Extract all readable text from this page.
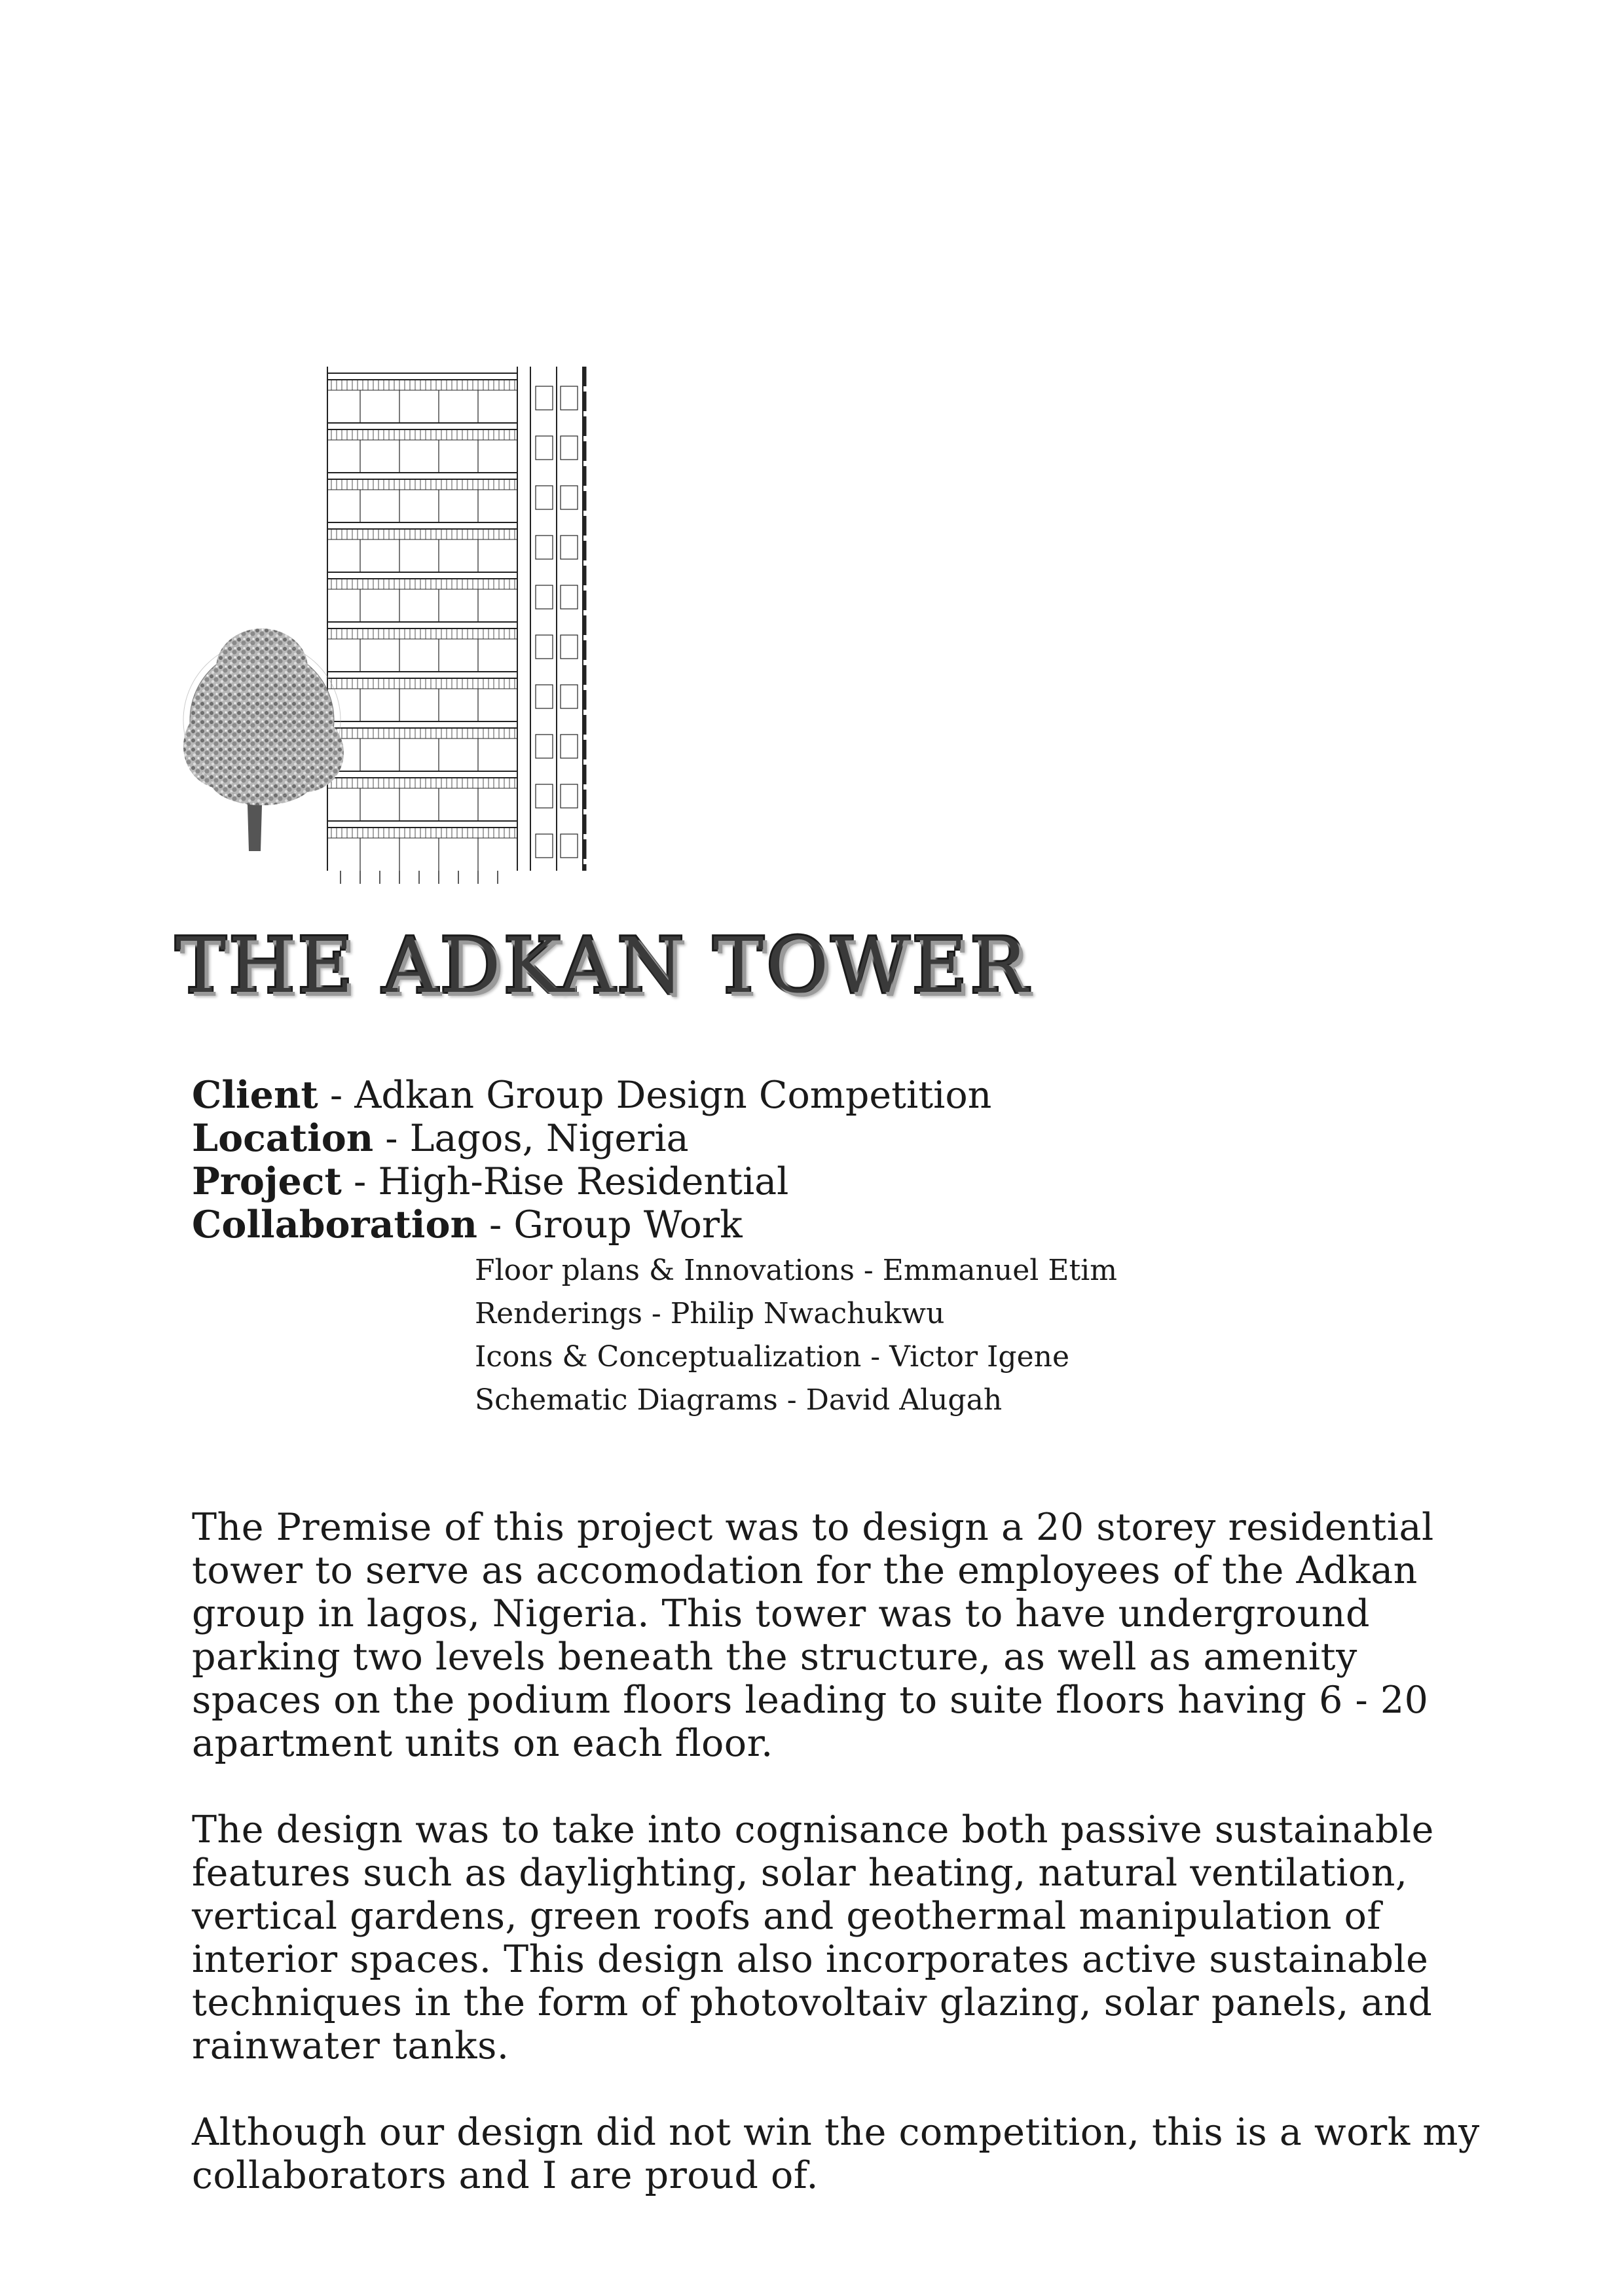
THE ADKAN TOWER
Client - Adkan Group Design Competition
Location - Lagos, Nigeria
Project - High-Rise Residential
Collaboration - Group Work
Floor plans & Innovations - Emmanuel Etim
Renderings - Philip Nwachukwu
Icons & Conceptualization - Victor Igene
Schematic Diagrams - David Alugah

The Premise of this project was to design a 20 storey residential tower to serve as accomodation for the employees of the Adkan group in lagos, Nigeria. This tower was to have underground parking two levels beneath the structure, as well as amenity spaces on the podium floors leading to suite floors having 6 - 20 apartment units on each floor.

The design was to take into cognisance both passive sustainable features such as daylighting, solar heating, natural ventilation, vertical gardens, green roofs and geothermal manipulation of interior spaces. This design also incorporates active sustainable techniques in the form of photovoltaiv glazing, solar panels, and rainwater tanks.

Although our design did not win the competition, this is a work my collaborators and I are proud of.
